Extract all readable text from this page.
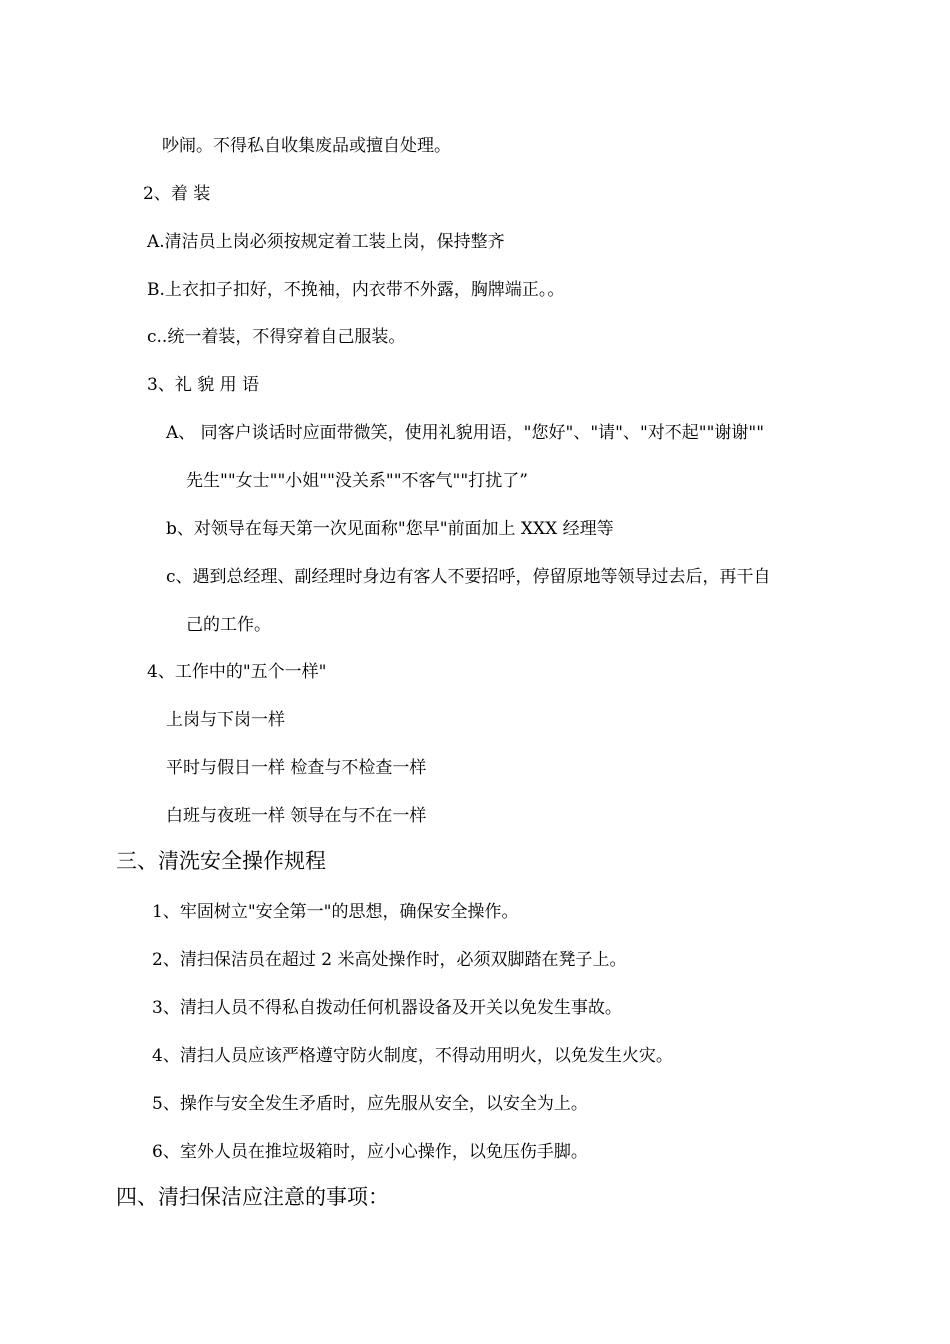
吵闹。不得私自收集废品或擅自处理。
2、着 装
A.清洁员上岗必须按规定着工装上岗，保持整齐
B.上衣扣子扣好，不挽袖，内衣带不外露，胸牌端正。。
c..统一着装，不得穿着自己服装。
3、礼 貌 用 语
A、 同客户谈话时应面带微笑，使用礼貌用语，"您好"、"请"、"对不起""谢谢""
先生""女士""小姐""没关系""不客气""打扰了”
b、对领导在每天第一次见面称"您早"前面加上 XXX 经理等
c、遇到总经理、副经理时身边有客人不要招呼，停留原地等领导过去后，再干自
己的工作。
4、工作中的"五个一样"
上岗与下岗一样
平时与假日一样 检查与不检查一样
白班与夜班一样 领导在与不在一样
三、清洗安全操作规程
1、牢固树立"安全第一"的思想，确保安全操作。
2、清扫保洁员在超过 2 米高处操作时，必须双脚踏在凳子上。
3、清扫人员不得私自拨动任何机器设备及开关以免发生事故。
4、清扫人员应该严格遵守防火制度，不得动用明火，以免发生火灾。
5、操作与安全发生矛盾时，应先服从安全，以安全为上。
6、室外人员在推垃圾箱时，应小心操作，以免压伤手脚。
四、清扫保洁应注意的事项：
